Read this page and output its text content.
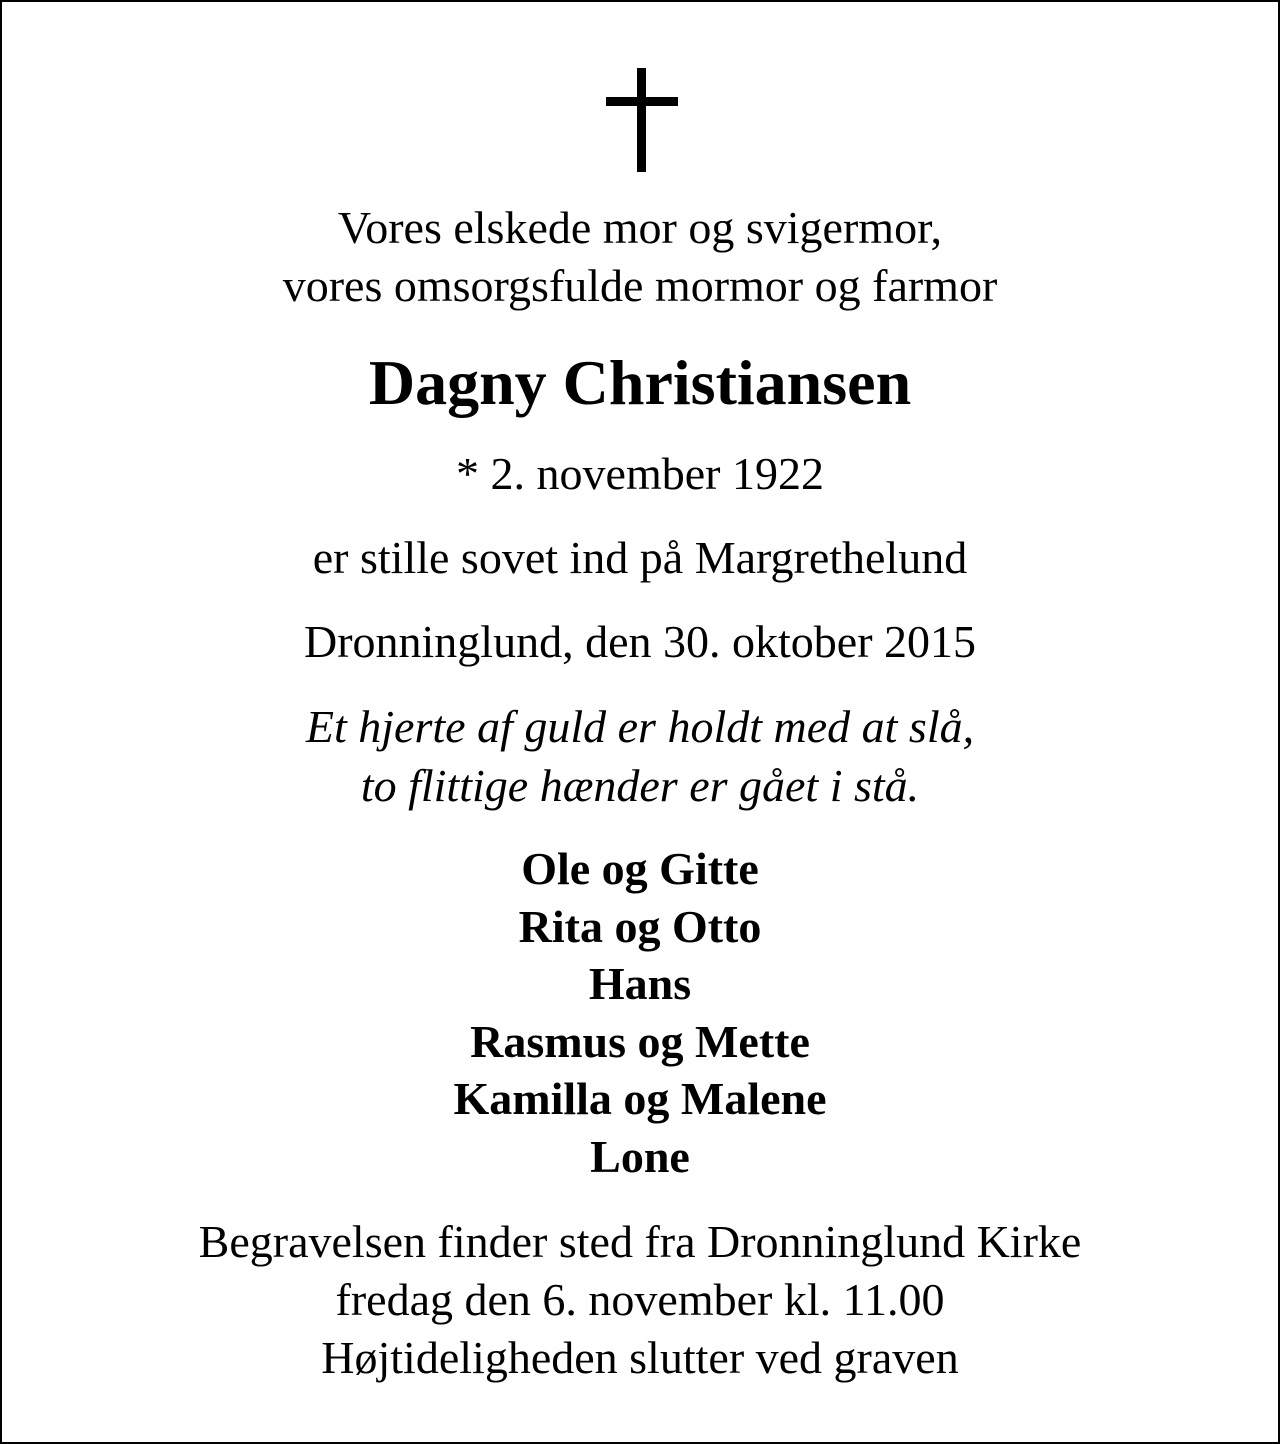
Vores elskede mor og svigermor,
vores omsorgsfulde mormor og farmor
Dagny Christiansen
* 2. november 1922
er stille sovet ind på Margrethelund
Dronninglund, den 30. oktober 2015
Et hjerte af guld er holdt med at slå,
to flittige hænder er gået i stå.
Ole og Gitte
Rita og Otto
Hans
Rasmus og Mette
Kamilla og Malene
Lone
Begravelsen finder sted fra Dronninglund Kirke
fredag den 6. november kl. 11.00
Højtideligheden slutter ved graven
